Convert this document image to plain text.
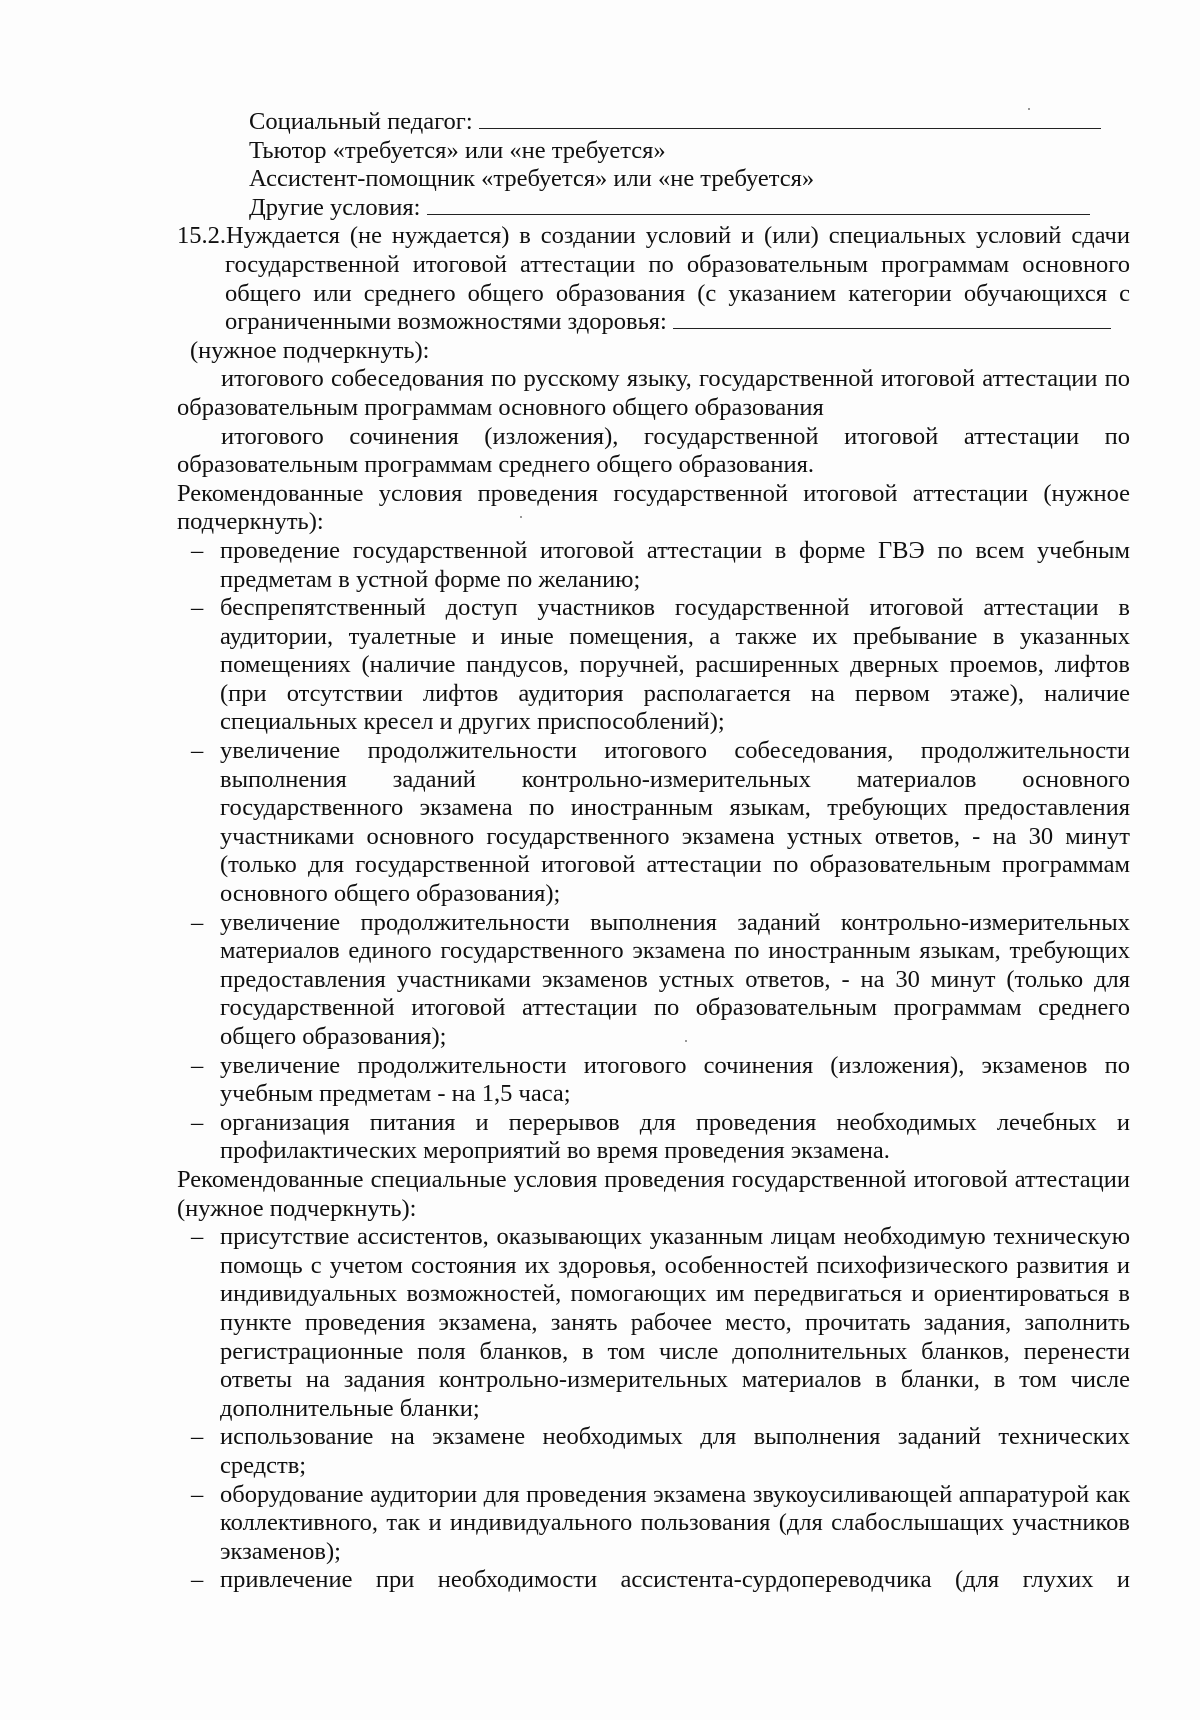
Социальный педагог:
Тьютор «требуется» или «не требуется»
Ассистент-помощник «требуется» или «не требуется»
Другие условия:
15.2.Нуждается (не нуждается) в создании условий и (или) специальных условий сдачи
государственной итоговой аттестации по образовательным программам основного общего или среднего общего образования (с указанием категории обучающихся с ограниченными возможностями здоровья:
(нужное подчеркнуть):
итогового собеседования по русскому языку, государственной итоговой аттестации по образовательным программам основного общего образования
итогового сочинения (изложения), государственной итоговой аттестации по образовательным программам среднего общего образования.
Рекомендованные условия проведения государственной итоговой аттестации (нужное подчеркнуть):
– проведение государственной итоговой аттестации в форме ГВЭ по всем учебным предметам в устной форме по желанию;
– беспрепятственный доступ участников государственной итоговой аттестации в аудитории, туалетные и иные помещения, а также их пребывание в указанных помещениях (наличие пандусов, поручней, расширенных дверных проемов, лифтов (при отсутствии лифтов аудитория располагается на первом этаже), наличие специальных кресел и других приспособлений);
– увеличение продолжительности итогового собеседования, продолжительности выполнения заданий контрольно-измерительных материалов основного государственного экзамена по иностранным языкам, требующих предоставления участниками основного государственного экзамена устных ответов, - на 30 минут (только для государственной итоговой аттестации по образовательным программам основного общего образования);
– увеличение продолжительности выполнения заданий контрольно-измерительных материалов единого государственного экзамена по иностранным языкам, требующих предоставления участниками экзаменов устных ответов, - на 30 минут (только для государственной итоговой аттестации по образовательным программам среднего общего образования);
– увеличение продолжительности итогового сочинения (изложения), экзаменов по учебным предметам - на 1,5 часа;
– организация питания и перерывов для проведения необходимых лечебных и профилактических мероприятий во время проведения экзамена.
Рекомендованные специальные условия проведения государственной итоговой аттестации (нужное подчеркнуть):
– присутствие ассистентов, оказывающих указанным лицам необходимую техническую помощь с учетом состояния их здоровья, особенностей психофизического развития и индивидуальных возможностей, помогающих им передвигаться и ориентироваться в пункте проведения экзамена, занять рабочее место, прочитать задания, заполнить регистрационные поля бланков, в том числе дополнительных бланков, перенести ответы на задания контрольно-измерительных материалов в бланки, в том числе дополнительные бланки;
– использование на экзамене необходимых для выполнения заданий технических средств;
– оборудование аудитории для проведения экзамена звукоусиливающей аппаратурой как коллективного, так и индивидуального пользования (для слабослышащих участников экзаменов);
– привлечение при необходимости ассистента-сурдопереводчика (для глухих и
